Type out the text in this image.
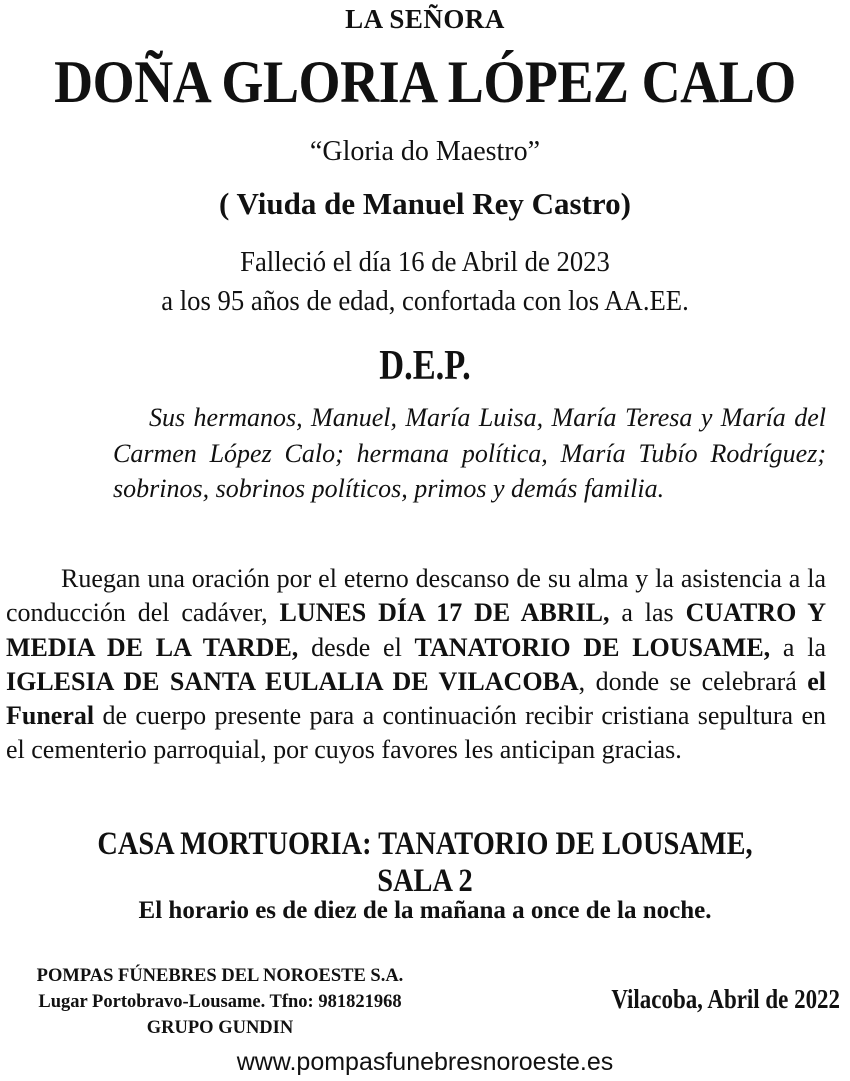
LA SEÑORA
DOÑA GLORIA LÓPEZ CALO
“Gloria do Maestro”
( Viuda de Manuel Rey Castro)
Falleció el día 16 de Abril de 2023
a los 95 años de edad, confortada con los AA.EE.
D.E.P.
Sus hermanos, Manuel, María Luisa, María Teresa y María del Carmen López Calo; hermana política, María Tubío Rodríguez; sobrinos, sobrinos políticos, primos y demás familia.
Ruegan una oración por el eterno descanso de su alma y la asistencia a la conducción del cadáver, LUNES DÍA 17 DE ABRIL, a las CUATRO Y MEDIA DE LA TARDE, desde el TANATORIO DE LOUSAME, a la IGLESIA DE SANTA EULALIA DE VILACOBA, donde se celebrará el Funeral de cuerpo presente para a continuación recibir cristiana sepultura en el cementerio parroquial, por cuyos favores les anticipan gracias.
CASA MORTUORIA: TANATORIO DE LOUSAME, SALA 2
El horario es de diez de la mañana a once de la noche.
POMPAS FÚNEBRES DEL NOROESTE S.A.
Lugar Portobravo-Lousame. Tfno: 981821968
GRUPO GUNDIN
Vilacoba, Abril de 2022
www.pompasfunebresnoroeste.es
